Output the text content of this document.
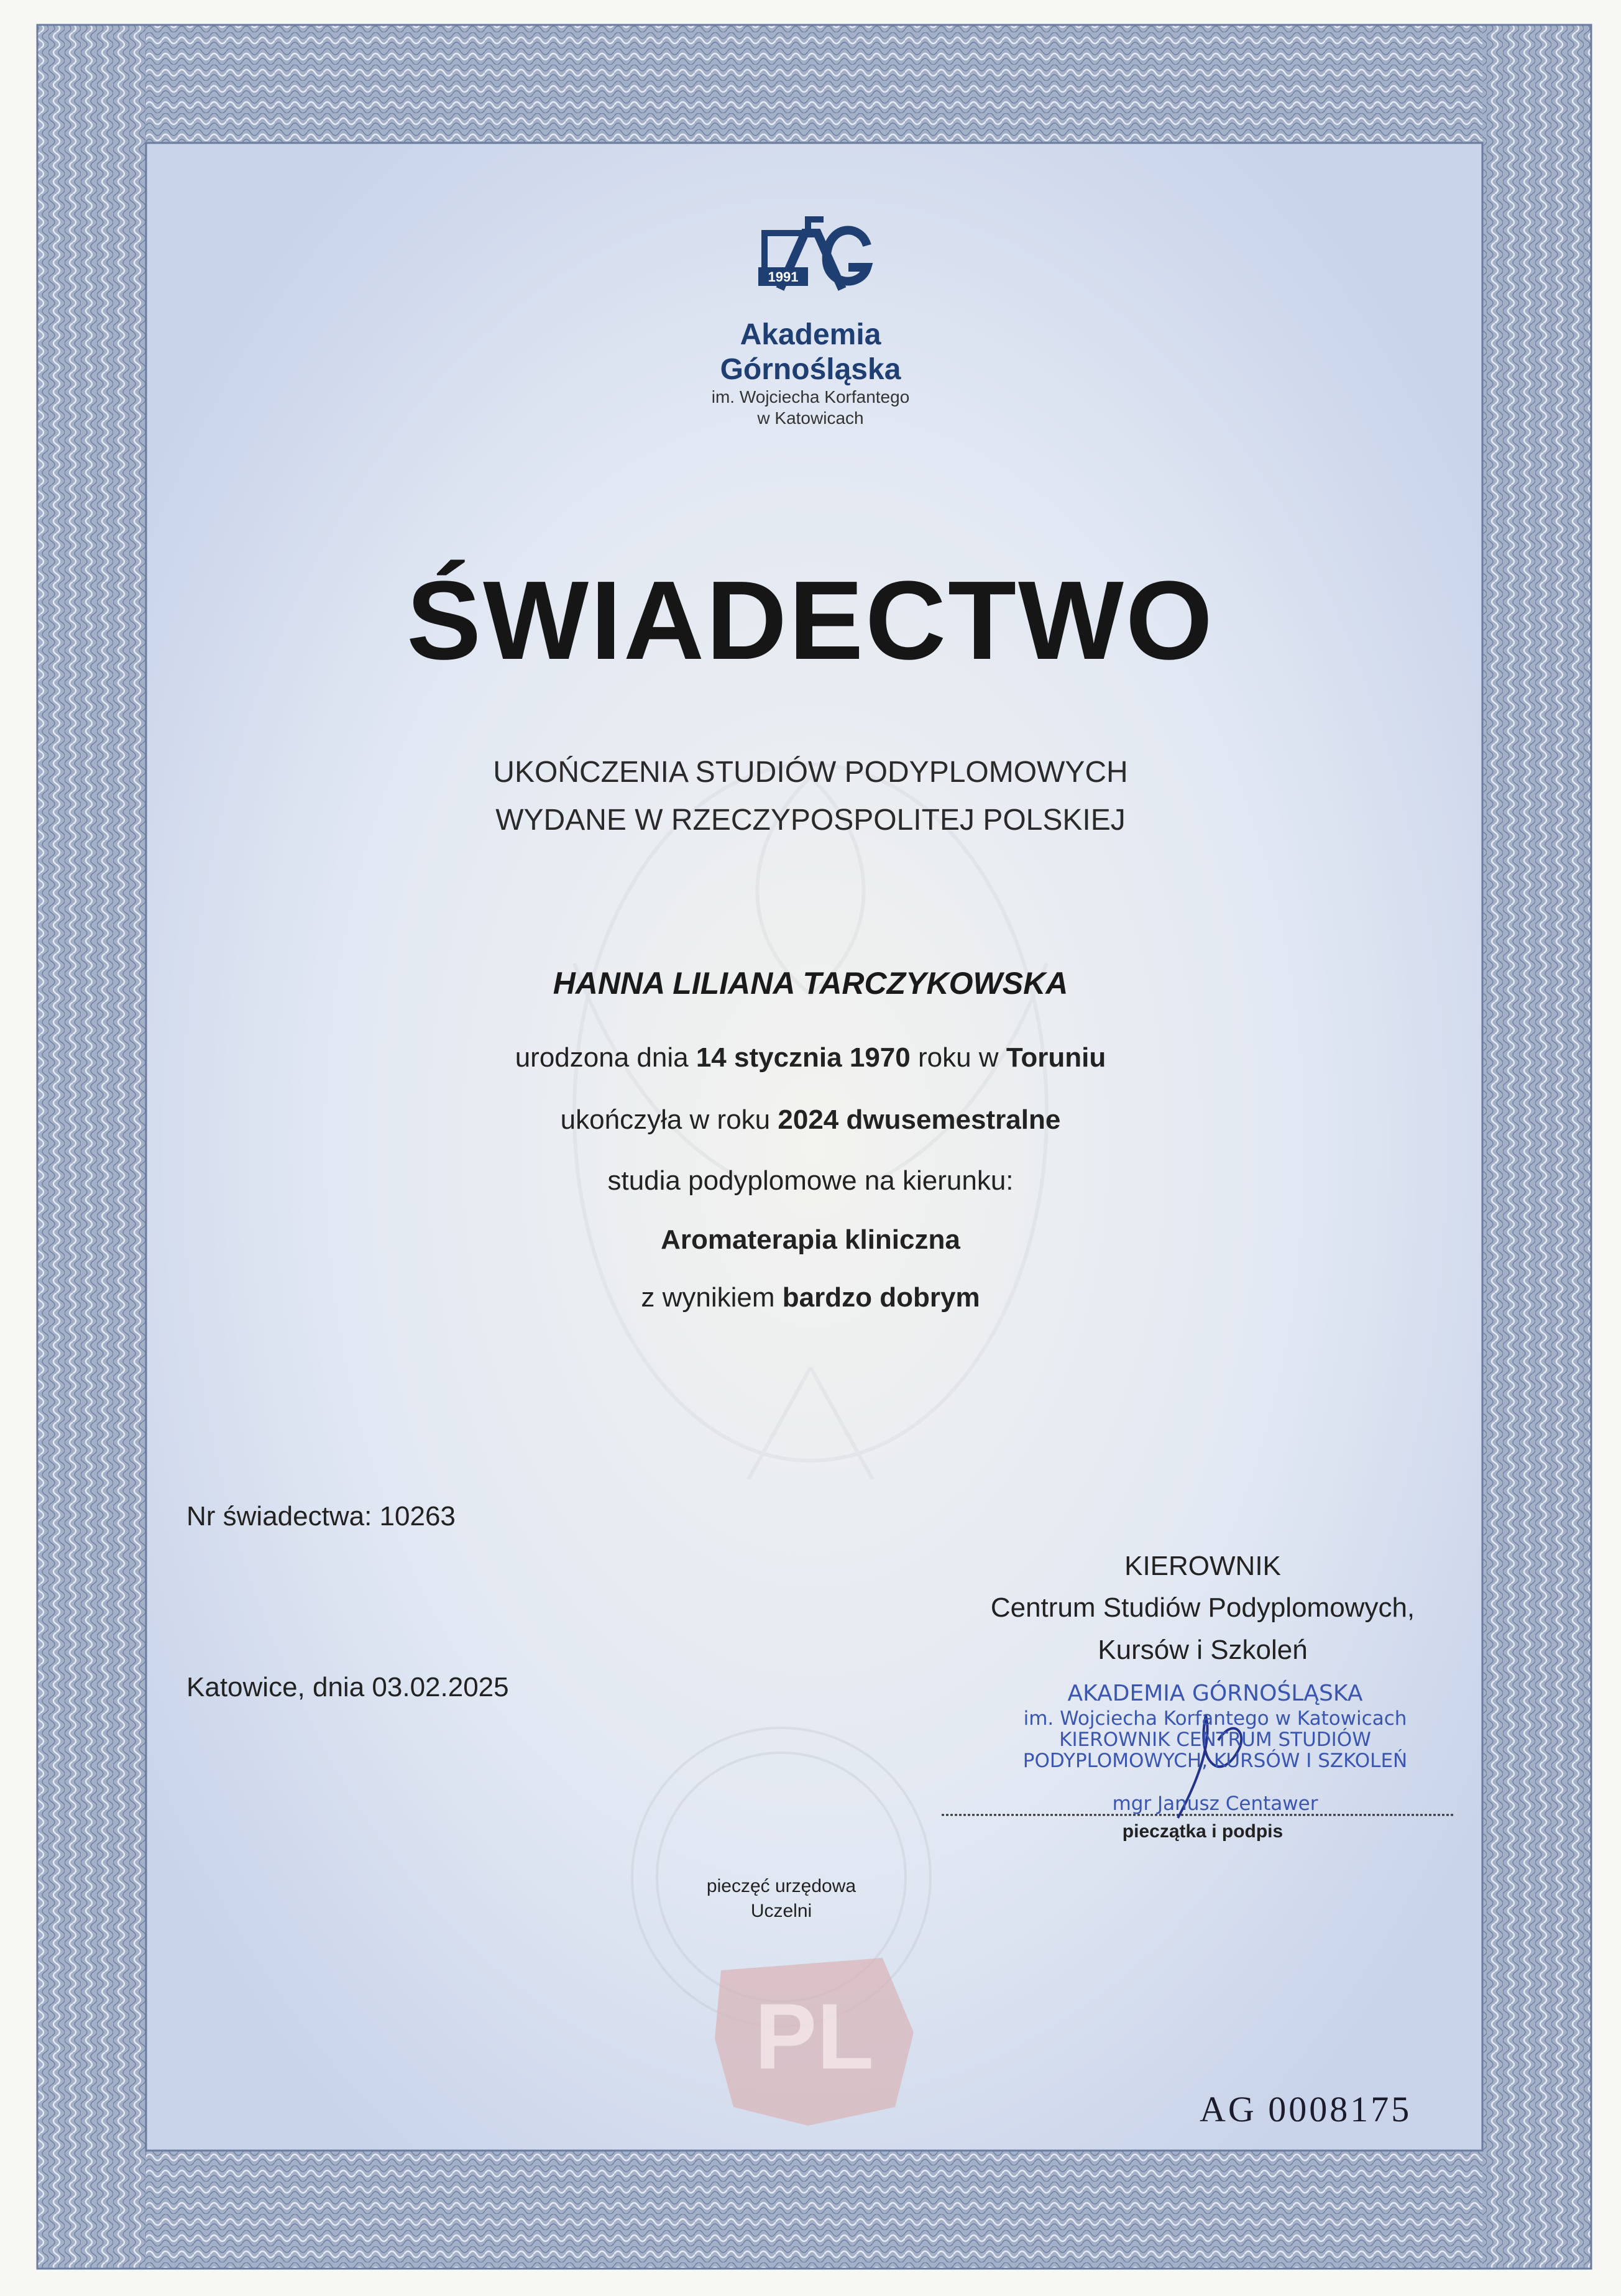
1991
AG
Akademia
Górnośląska
im. Wojciecha Korfantego
w Katowicach
ŚWIADECTWO
UKOŃCZENIA STUDIÓW PODYPLOMOWYCH
WYDANE W RZECZYPOSPOLITEJ POLSKIEJ
HANNA LILIANA TARCZYKOWSKA
urodzona dnia 14 stycznia 1970 roku w Toruniu
ukończyła w roku 2024 dwusemestralne
studia podyplomowe na kierunku:
Aromaterapia kliniczna
z wynikiem bardzo dobrym
Nr świadectwa: 10263
Katowice, dnia 03.02.2025
KIEROWNIK
Centrum Studiów Podyplomowych,
Kursów i Szkoleń
AKADEMIA GÓRNOŚLĄSKA
im. Wojciecha Korfantego w Katowicach
KIEROWNIK CENTRUM STUDIÓW
PODYPLOMOWYCH, KURSÓW I SZKOLEŃ
mgr Janusz Centawer
pieczątka i podpis
pieczęć urzędowa
Uczelni
PL
AG 0008175
